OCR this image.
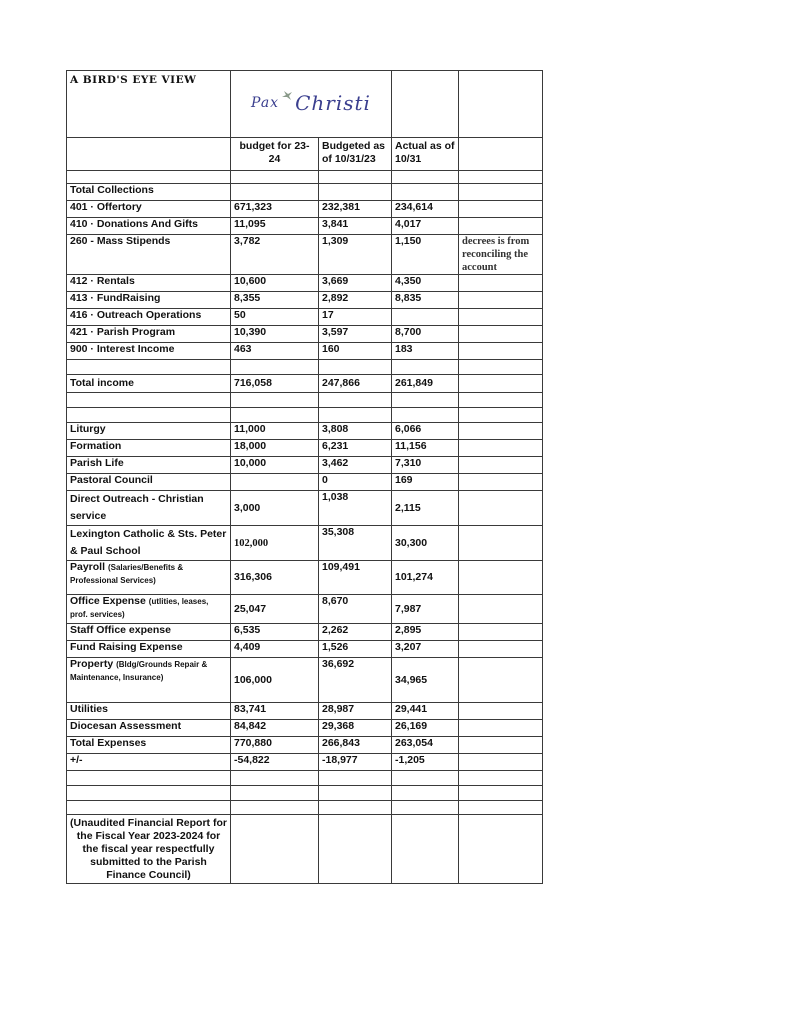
A BIRD'S EYE VIEW	Pax Christi			

	budget for 23-24	Budgeted as of 10/31/23	Actual as of 10/31	

Total Collections				
401 · Offertory	671,323	232,381	234,614	
410 · Donations And Gifts	11,095	3,841	4,017	
260 - Mass Stipends	3,782	1,309	1,150	decrees is from reconciling the account
412 · Rentals	10,600	3,669	4,350	
413 · FundRaising	8,355	2,892	8,835	
416 · Outreach Operations	50	17		
421 · Parish Program	10,390	3,597	8,700	
900 · Interest Income	463	160	183	

Total income	716,058	247,866	261,849	

Liturgy	11,000	3,808	6,066	
Formation	18,000	6,231	11,156	
Parish Life	10,000	3,462	7,310	
Pastoral Council		0	169	
Direct Outreach - Christian service	3,000	1,038	2,115	
Lexington Catholic & Sts. Peter & Paul School	102,000	35,308	30,300	
Payroll (Salaries/Benefits & Professional Services)	316,306	109,491	101,274	
Office Expense (utlities, leases, prof. services)	25,047	8,670	7,987	
Staff Office expense	6,535	2,262	2,895	
Fund Raising Expense	4,409	1,526	3,207	
Property (Bldg/Grounds Repair & Maintenance, Insurance)	106,000	36,692	34,965	
Utilities	83,741	28,987	29,441	
Diocesan Assessment	84,842	29,368	26,169	
Total Expenses	770,880	266,843	263,054	
+/-	-54,822	-18,977	-1,205	

(Unaudited Financial Report for the Fiscal Year 2023-2024 for the fiscal year respectfully submitted to the Parish Finance Council)				
